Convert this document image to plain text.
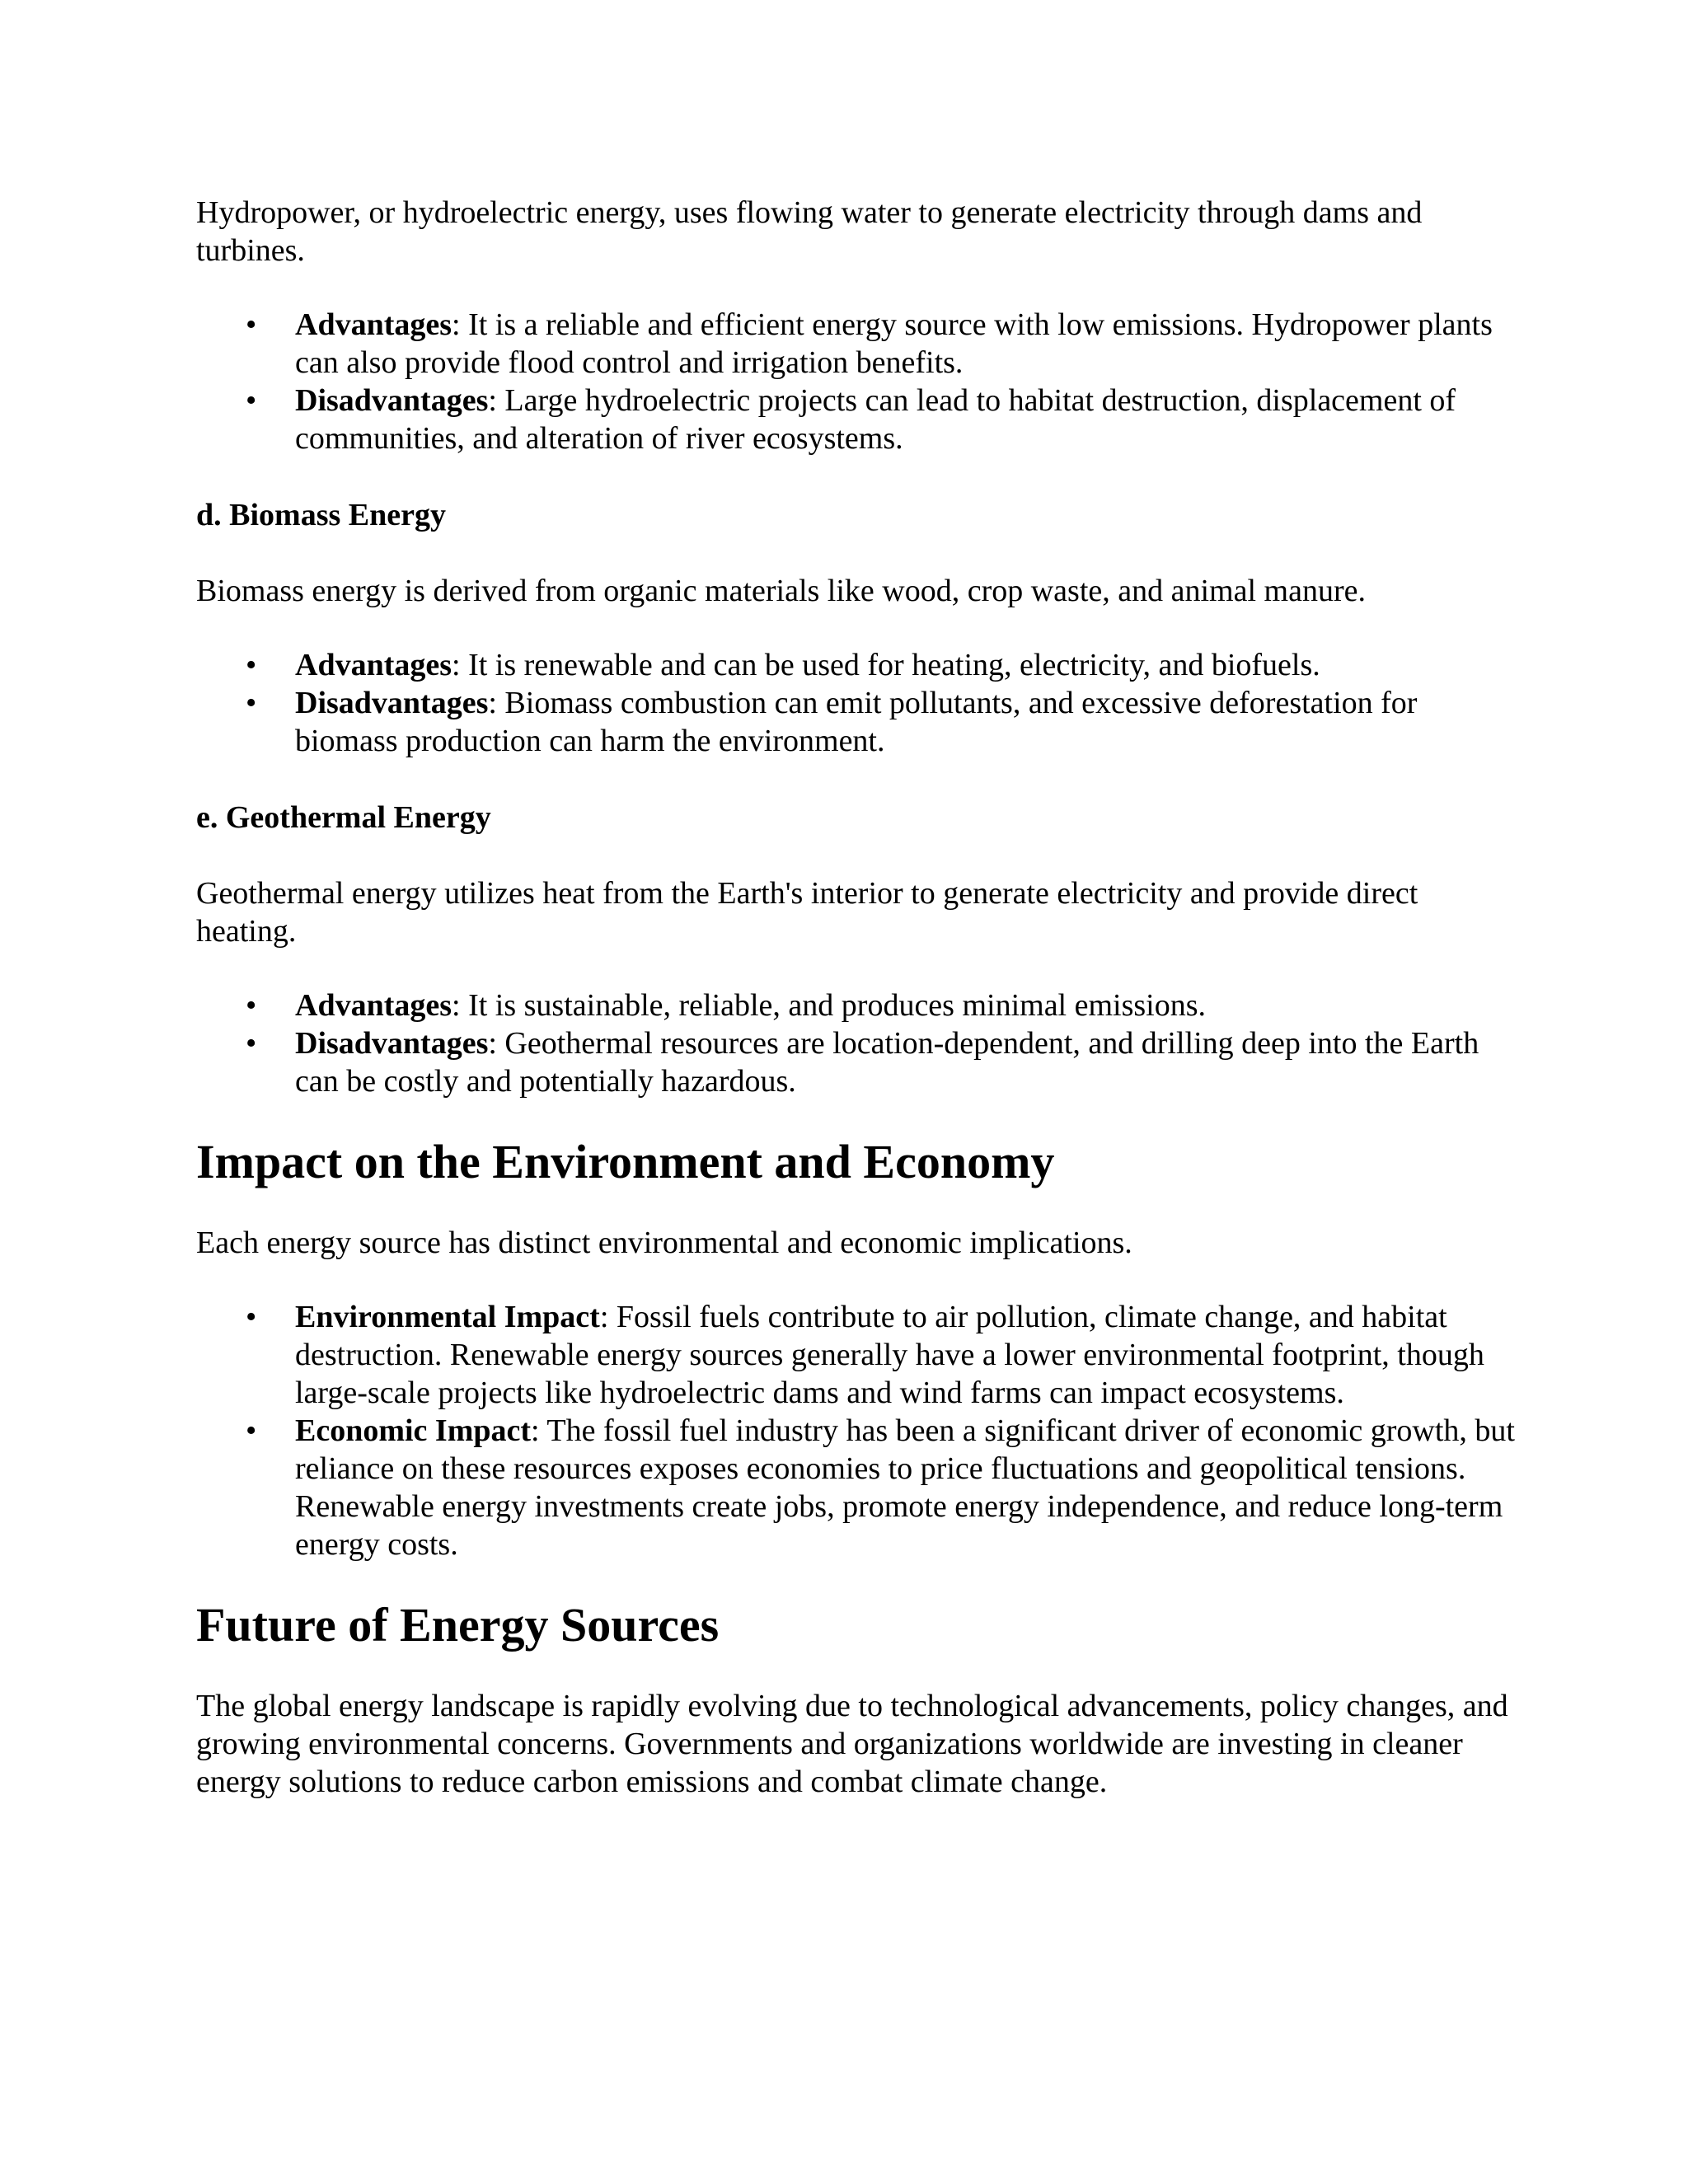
Hydropower, or hydroelectric energy, uses flowing water to generate electricity through dams and turbines.

•	Advantages: It is a reliable and efficient energy source with low emissions. Hydropower plants can also provide flood control and irrigation benefits.
•	Disadvantages: Large hydroelectric projects can lead to habitat destruction, displacement of communities, and alteration of river ecosystems.
d. Biomass Energy

Biomass energy is derived from organic materials like wood, crop waste, and animal manure.

•	Advantages: It is renewable and can be used for heating, electricity, and biofuels.
•	Disadvantages: Biomass combustion can emit pollutants, and excessive deforestation for biomass production can harm the environment.
e. Geothermal Energy

Geothermal energy utilizes heat from the Earth's interior to generate electricity and provide direct heating.

•	Advantages: It is sustainable, reliable, and produces minimal emissions.
•	Disadvantages: Geothermal resources are location-dependent, and drilling deep into the Earth can be costly and potentially hazardous.
Impact on the Environment and Economy

Each energy source has distinct environmental and economic implications.

•	Environmental Impact: Fossil fuels contribute to air pollution, climate change, and habitat destruction. Renewable energy sources generally have a lower environmental footprint, though large-scale projects like hydroelectric dams and wind farms can impact ecosystems.
•	Economic Impact: The fossil fuel industry has been a significant driver of economic growth, but reliance on these resources exposes economies to price fluctuations and geopolitical tensions. Renewable energy investments create jobs, promote energy independence, and reduce long-term energy costs.
Future of Energy Sources

The global energy landscape is rapidly evolving due to technological advancements, policy changes, and growing environmental concerns. Governments and organizations worldwide are investing in cleaner energy solutions to reduce carbon emissions and combat climate change.
